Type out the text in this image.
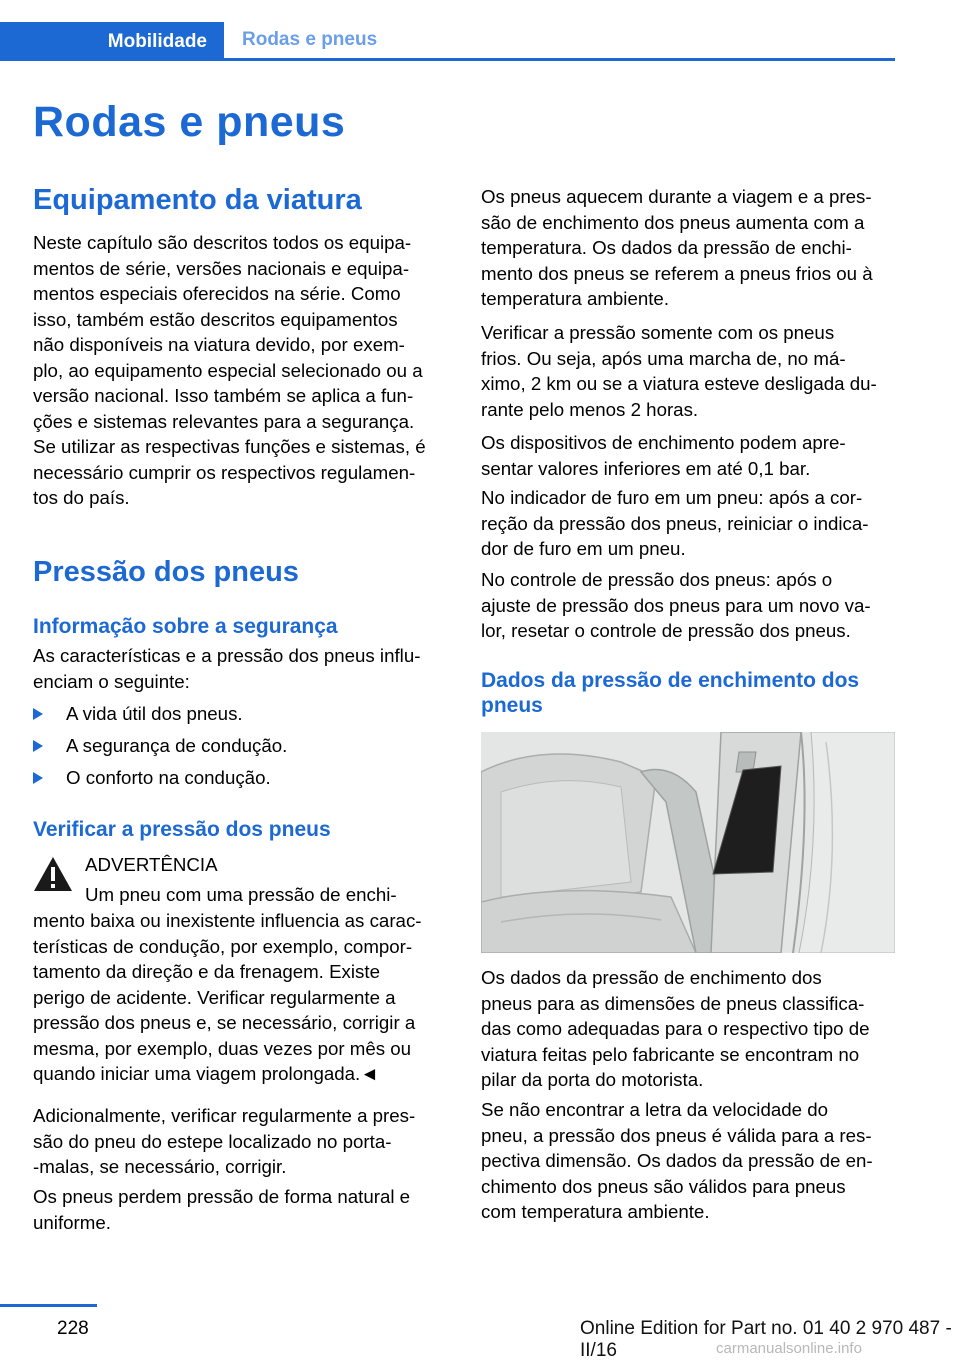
Mobilidade	Rodas e pneus
Rodas e pneus
Equipamento da viatura

Neste capítulo são descritos todos os equipa-
mentos de série, versões nacionais e equipa-
mentos especiais oferecidos na série. Como
isso, também estão descritos equipamentos
não disponíveis na viatura devido, por exem-
plo, ao equipamento especial selecionado ou a
versão nacional. Isso também se aplica a fun-
ções e sistemas relevantes para a segurança.
Se utilizar as respectivas funções e sistemas, é
necessário cumprir os respectivos regulamen-
tos do país.

Pressão dos pneus
Informação sobre a segurança

As características e a pressão dos pneus influ-
enciam o seguinte:

A vida útil dos pneus.
A segurança de condução.
O conforto na condução.
Verificar a pressão dos pneus
ADVERTÊNCIA
Um pneu com uma pressão de enchi-

mento baixa ou inexistente influencia as carac-
terísticas de condução, por exemplo, compor-
tamento da direção e da frenagem. Existe
perigo de acidente. Verificar regularmente a
pressão dos pneus e, se necessário, corrigir a
mesma, por exemplo, duas vezes por mês ou
quando iniciar uma viagem prolongada.◄

Adicionalmente, verificar regularmente a pres-
são do pneu do estepe localizado no porta-
-malas, se necessário, corrigir.

Os pneus perdem pressão de forma natural e
uniforme.

Os pneus aquecem durante a viagem e a pres-
são de enchimento dos pneus aumenta com a
temperatura. Os dados da pressão de enchi-
mento dos pneus se referem a pneus frios ou à
temperatura ambiente.

Verificar a pressão somente com os pneus
frios. Ou seja, após uma marcha de, no má-
ximo, 2 km ou se a viatura esteve desligada du-
rante pelo menos 2 horas.

Os dispositivos de enchimento podem apre-
sentar valores inferiores em até 0,1 bar.

No indicador de furo em um pneu: após a cor-
reção da pressão dos pneus, reiniciar o indica-
dor de furo em um pneu.

No controle de pressão dos pneus: após o
ajuste de pressão dos pneus para um novo va-
lor, resetar o controle de pressão dos pneus.

Dados da pressão de enchimento dos
pneus

Os dados da pressão de enchimento dos
pneus para as dimensões de pneus classifica-
das como adequadas para o respectivo tipo de
viatura feitas pelo fabricante se encontram no
pilar da porta do motorista.

Se não encontrar a letra da velocidade do
pneu, a pressão dos pneus é válida para a res-
pectiva dimensão. Os dados da pressão de en-
chimento dos pneus são válidos para pneus
com temperatura ambiente.

228	Online Edition for Part no. 01 40 2 970 487 - II/16	carmanualsonline.info
